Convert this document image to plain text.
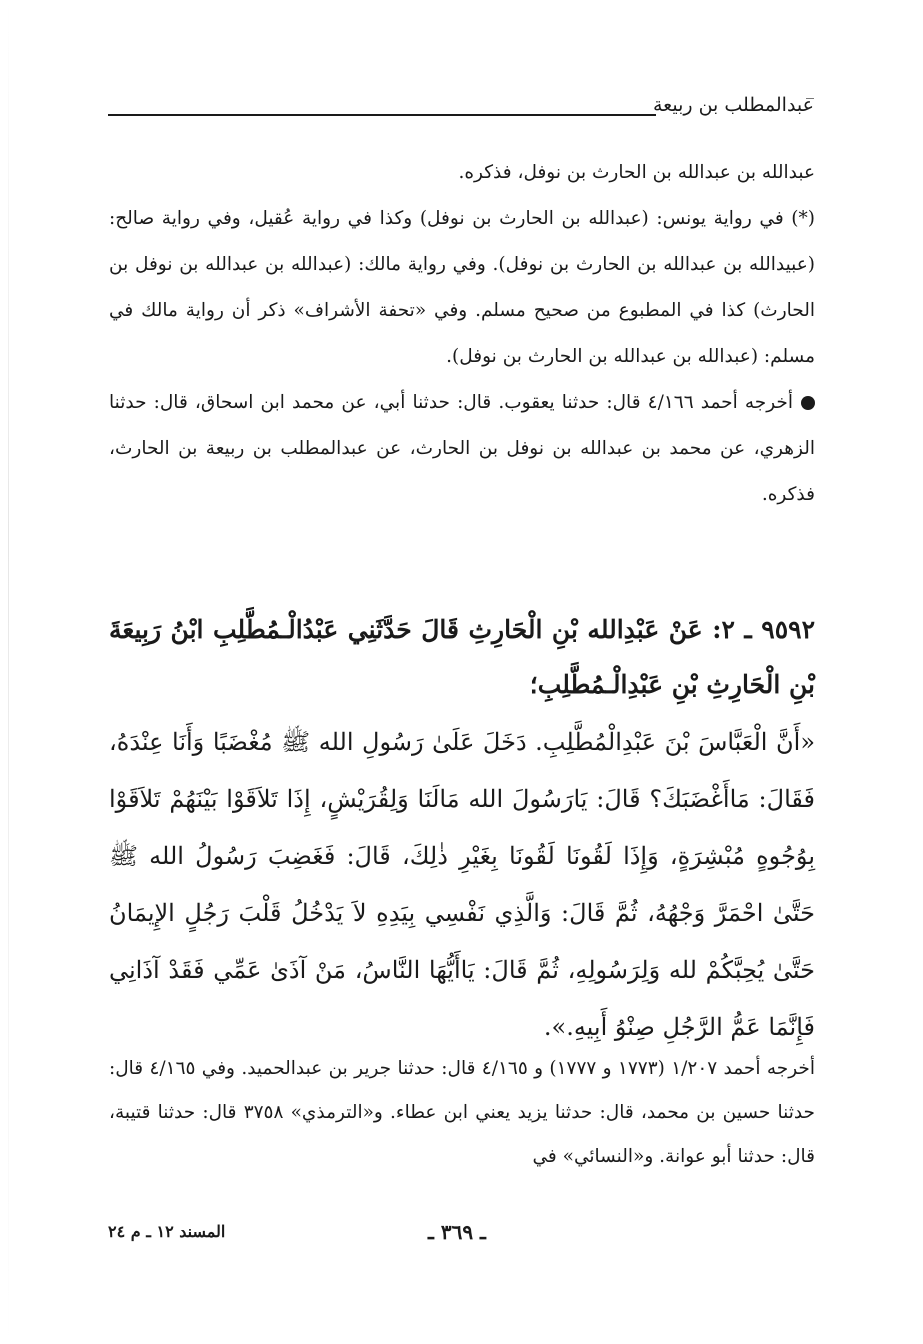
عبدالمطلب بن ربيعة

عبدالله بن عبدالله بن الحارث بن نوفل، فذكره.

(*) في رواية يونس: (عبدالله بن الحارث بن نوفل) وكذا في رواية عُقيل، وفي رواية صالح: (عبيدالله بن عبدالله بن الحارث بن نوفل). وفي رواية مالك: (عبدالله بن عبدالله بن نوفل بن الحارث) كذا في المطبوع من صحيح مسلم. وفي «تحفة الأشراف» ذكر أن رواية مالك في مسلم: (عبدالله بن عبدالله بن الحارث بن نوفل).

أخرجه أحمد ٤/١٦٦ قال: حدثنا يعقوب. قال: حدثنا أبي، عن محمد ابن اسحاق، قال: حدثنا الزهري، عن محمد بن عبدالله بن نوفل بن الحارث، عن عبدالمطلب بن ربيعة بن الحارث، فذكره.

٩٥٩٢ ـ ٢: عَنْ عَبْدِالله بْنِ الْحَارِثِ قَالَ حَدَّثَنِي عَبْدُالْـمُطَّلِبِ ابْنُ رَبِيعَةَ بْنِ الْحَارِثِ بْنِ عَبْدِالْـمُطَّلِبِ؛

«أَنَّ الْعَبَّاسَ بْنَ عَبْدِالْمُطَّلِبِ. دَخَلَ عَلَىٰ رَسُولِ الله ﷺ مُغْضَبًا وَأَنَا عِنْدَهُ، فَقَالَ: مَاأَغْضَبَكَ؟ قَالَ: يَارَسُولَ الله مَالَنَا وَلِقُرَيْشٍ، إِذَا تَلاَقَوْا بَيْنَهُمْ تَلاَقَوْا بِوُجُوهٍ مُبْشِرَةٍ، وَإِذَا لَقُونَا لَقُونَا بِغَيْرِ ذٰلِكَ، قَالَ: فَغَضِبَ رَسُولُ الله ﷺ حَتَّىٰ احْمَرَّ وَجْهُهُ، ثُمَّ قَالَ: وَالَّذِي نَفْسِي بِيَدِهِ لاَ يَدْخُلُ قَلْبَ رَجُلٍ الإِيمَانُ حَتَّىٰ يُحِبَّكُمْ لله وَلِرَسُولِهِ، ثُمَّ قَالَ: يَاأَيُّهَا النَّاسُ، مَنْ آذَىٰ عَمِّي فَقَدْ آذَانِي فَإِنَّمَا عَمُّ الرَّجُلِ صِنْوُ أَبِيهِ.».

أخرجه أحمد ١/٢٠٧ (١٧٧٣ و ١٧٧٧) و ٤/١٦٥ قال: حدثنا جرير بن عبدالحميد. وفي ٤/١٦٥ قال: حدثنا حسين بن محمد، قال: حدثنا يزيد يعني ابن عطاء. و«الترمذي» ٣٧٥٨ قال: حدثنا قتيبة، قال: حدثنا أبو عوانة. و«النسائي» في

المسند ١٢ ـ م ٢٤	ـ ٣٦٩ ـ
